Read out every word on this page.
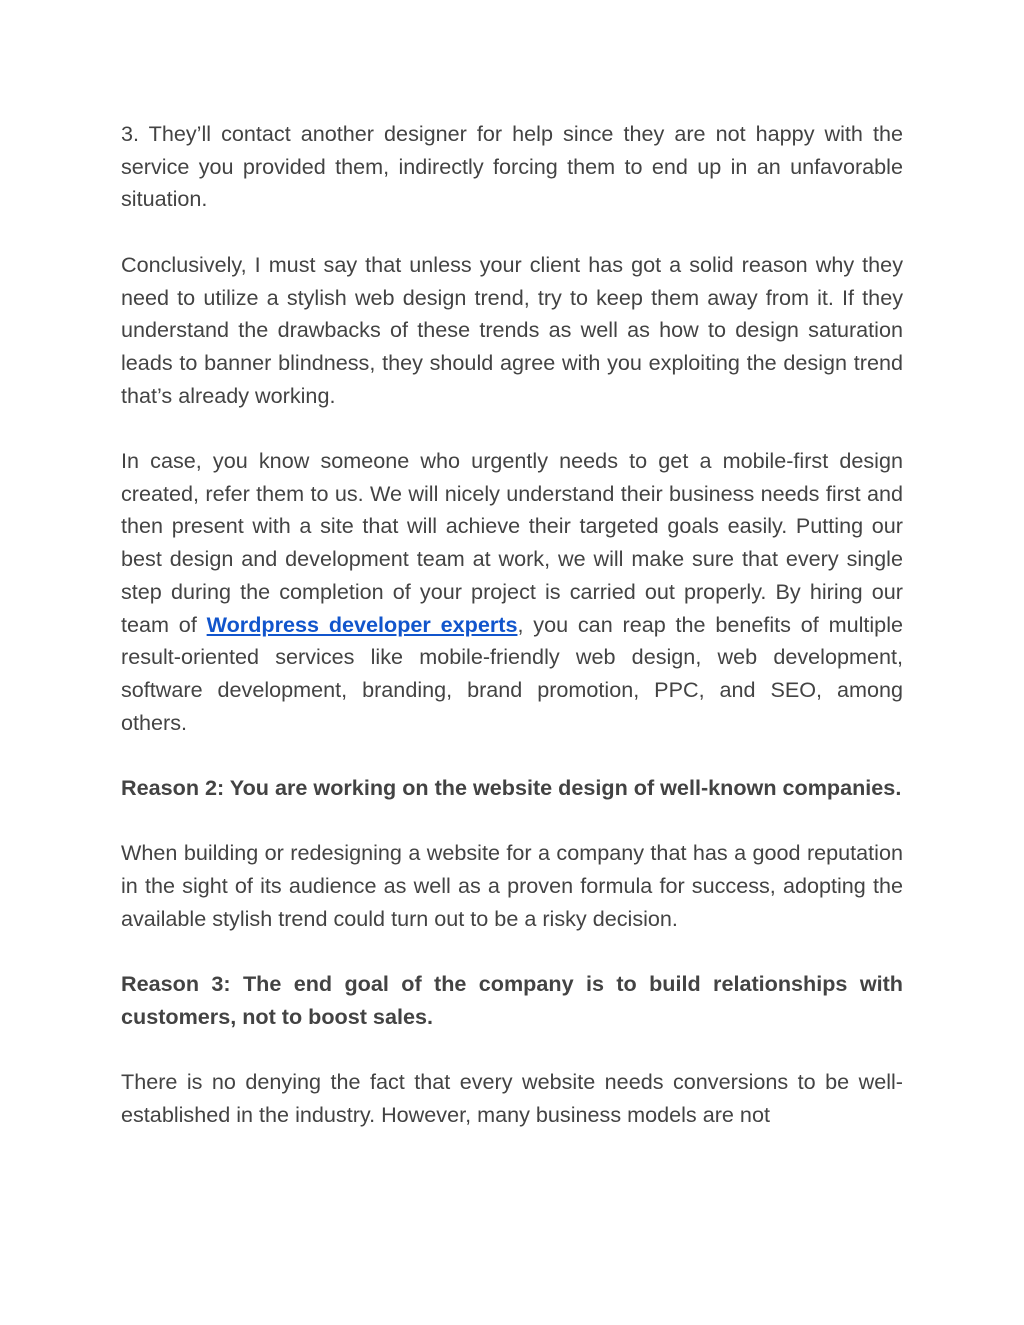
3. They’ll contact another designer for help since they are not happy with the service you provided them, indirectly forcing them to end up in an unfavorable situation.

Conclusively, I must say that unless your client has got a solid reason why they need to utilize a stylish web design trend, try to keep them away from it. If they understand the drawbacks of these trends as well as how to design saturation leads to banner blindness, they should agree with you exploiting the design trend that’s already working.

In case, you know someone who urgently needs to get a mobile-first design created, refer them to us. We will nicely understand their business needs first and then present with a site that will achieve their targeted goals easily. Putting our best design and development team at work, we will make sure that every single step during the completion of your project is carried out properly. By hiring our team of Wordpress developer experts, you can reap the benefits of multiple result-oriented services like mobile-friendly web design, web development, software development, branding, brand promotion, PPC, and SEO, among others.

Reason 2: You are working on the website design of well-known companies.

When building or redesigning a website for a company that has a good reputation in the sight of its audience as well as a proven formula for success, adopting the available stylish trend could turn out to be a risky decision.

Reason 3: The end goal of the company is to build relationships with customers, not to boost sales.

There is no denying the fact that every website needs conversions to be well-established in the industry. However, many business models are not
